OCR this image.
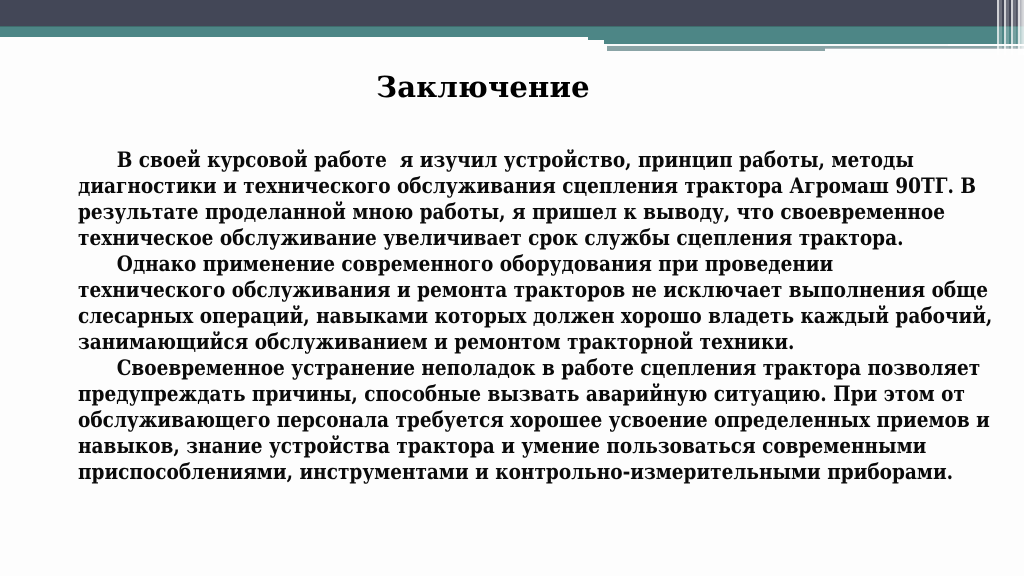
Заключение
В своей курсовой работе  я изучил устройство, принцип работы, методы
диагностики и технического обслуживания сцепления трактора Агромаш 90ТГ. В
результате проделанной мною работы, я пришел к выводу, что своевременное
техническое обслуживание увеличивает срок службы сцепления трактора.
Однако применение современного оборудования при проведении
технического обслуживания и ремонта тракторов не исключает выполнения обще
слесарных операций, навыками которых должен хорошо владеть каждый рабочий,
занимающийся обслуживанием и ремонтом тракторной техники.
Своевременное устранение неполадок в работе сцепления трактора позволяет
предупреждать причины, способные вызвать аварийную ситуацию. При этом от
обслуживающего персонала требуется хорошее усвоение определенных приемов и
навыков, знание устройства трактора и умение пользоваться современными
приспособлениями, инструментами и контрольно-измерительными приборами.
